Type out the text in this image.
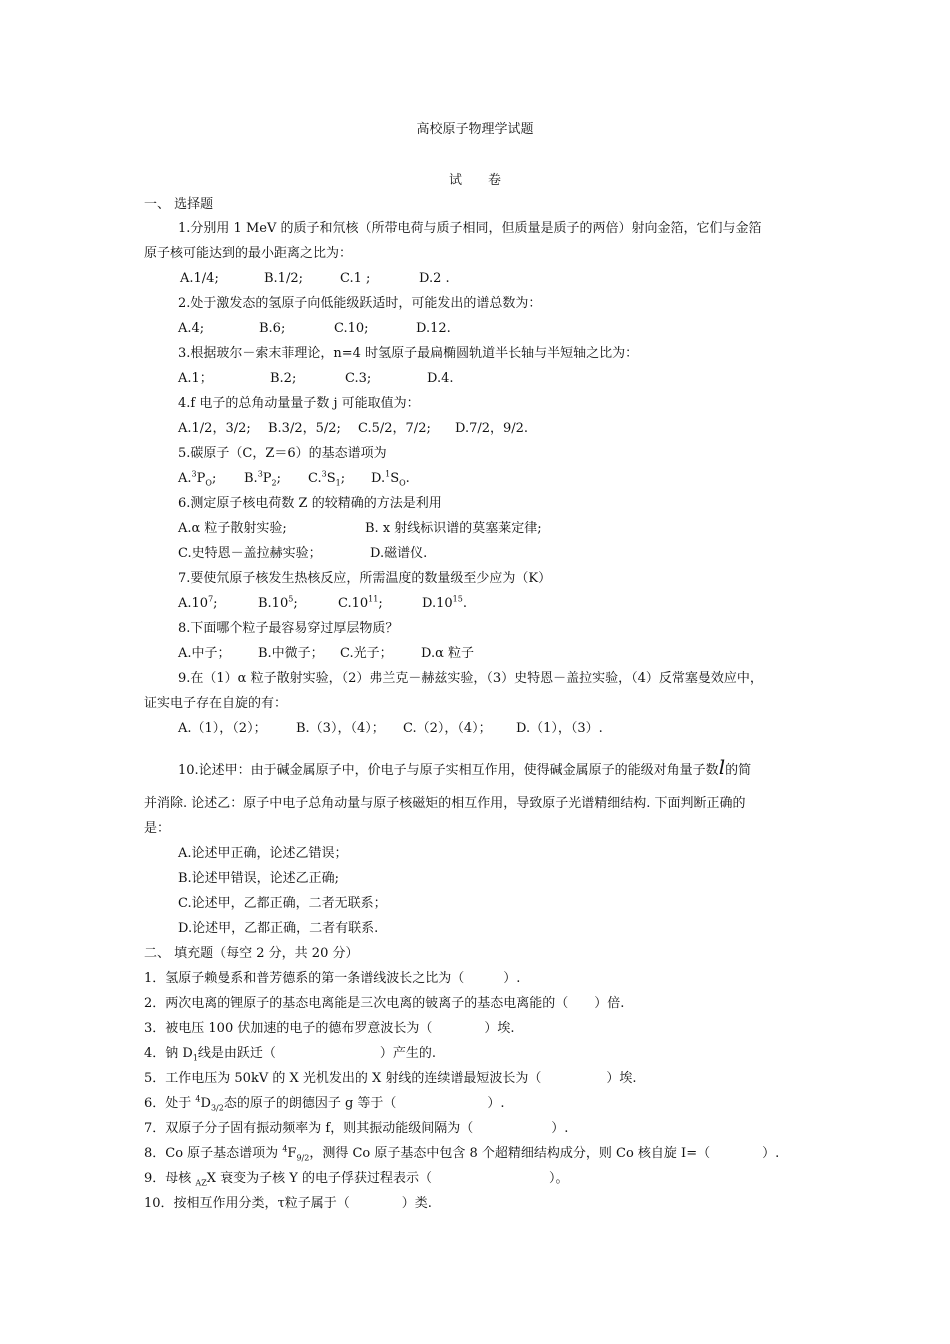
高校原子物理学试题
试　　卷
一、 选择题
1.分别用 1 MeV 的质子和氘核（所带电荷与质子相同，但质量是质子的两倍）射向金箔，它们与金箔
原子核可能达到的最小距离之比为：
A.1/4;	B.1/2;	C.1 ;	D.2 .
2.处于激发态的氢原子向低能级跃适时，可能发出的谱总数为：
A.4;	B.6;	C.10;	D.12.
3.根据玻尔－索末菲理论，n=4 时氢原子最扁椭圆轨道半长轴与半短轴之比为：
A.1；	B.2;	C.3;	D.4.
4.f 电子的总角动量量子数 j 可能取值为：
A.1/2，3/2; B.3/2，5/2; C.5/2，7/2; D.7/2，9/2.
5.碳原子（C，Z＝6）的基态谱项为
$A.^3P_O$; $B.^3P_2$; $C.^3S_1$; $D.^1S_O$.
6.测定原子核电荷数 Z 的较精确的方法是利用
A.α 粒子散射实验;	B. x 射线标识谱的莫塞莱定律;
C.史特恩－盖拉赫实验；	D.磁谱仪.
7.要使氘原子核发生热核反应，所需温度的数量级至少应为（K）
$A.10^7$;	$B.10^5$;	$C.10^{11}$;	$D.10^{15}$.
8.下面哪个粒子最容易穿过厚层物质？
A.中子； B.中微子； C.光子； D.α 粒子
9.在（1）α 粒子散射实验，（2）弗兰克－赫兹实验，（3）史特恩－盖拉实验，（4）反常塞曼效应中，
证实电子存在自旋的有：
A.（1），（2）； B.（3），（4）； C.（2），（4）； D.（1），（3）.
10.论述甲：由于碱金属原子中，价电子与原子实相互作用，使得碱金属原子的能级对角量子数l的简
并消除. 论述乙：原子中电子总角动量与原子核磁矩的相互作用，导致原子光谱精细结构. 下面判断正确的
是：
A.论述甲正确，论述乙错误；
B.论述甲错误，论述乙正确;
C.论述甲，乙都正确，二者无联系；
D.论述甲，乙都正确，二者有联系.
二、 填充题（每空 2 分，共 20 分）
1．氢原子赖曼系和普芳德系的第一条谱线波长之比为（　　　）.
2．两次电离的锂原子的基态电离能是三次电离的铍离子的基态电离能的（　　）倍.
3．被电压 100 伏加速的电子的德布罗意波长为（　　　　）埃.
4．钠 $D_1$线是由跃迁（　　　　　　　　）产生的.
5．工作电压为 50kV 的 X 光机发出的 X 射线的连续谱最短波长为（　　　　　）埃.
6．处于 $^4D_{3/2}$态的原子的朗德因子 g 等于（　　　　　　　）.
7．双原子分子固有振动频率为 f，则其振动能级间隔为（　　　　　　）.
8．Co 原子基态谱项为 $^4F_{9/2}$，测得 Co 原子基态中包含 8 个超精细结构成分，则 Co 核自旋 I=（　　　　）.
9．母核 $_{AZ}$X 衰变为子核 Y 的电子俘获过程表示（　　　　　　　　　）。
10．按相互作用分类，τ粒子属于（　　　　）类.
